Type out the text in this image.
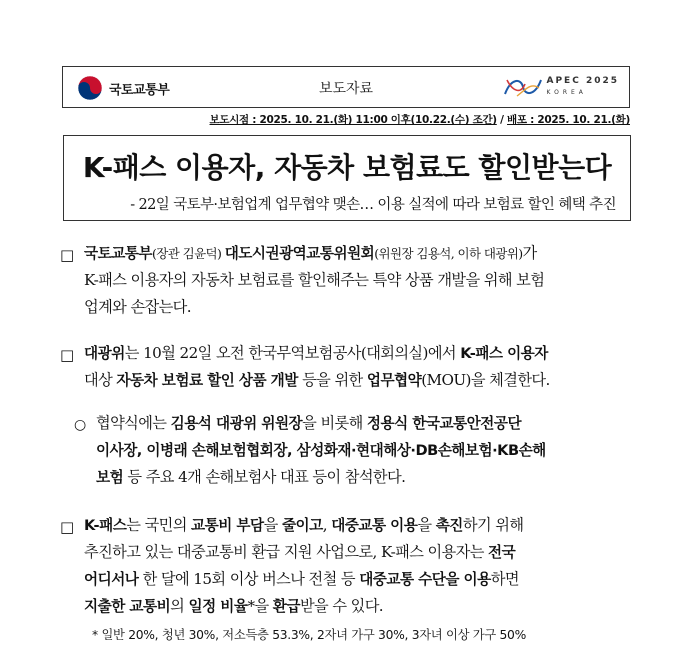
국토교통부	보도자료	APEC 2025
KOREA
보도시점 : 2025. 10. 21.(화) 11:00 이후(10.22.(수) 조간) / 배포 : 2025. 10. 21.(화)
K-패스 이용자, 자동차 보험료도 할인받는다
- 22일 국토부·보험업계 업무협약 맺손… 이용 실적에 따라 보험료 할인 혜택 추진
□ 국토교통부(장관 김윤덕) 대도시권광역교통위원회(위원장 김용석, 이하 대광위)가
K-패스 이용자의 자동차 보험료를 할인해주는 특약 상품 개발을 위해 보험
업계와 손잡는다.
□ 대광위는 10월 22일 오전 한국무역보험공사(대회의실)에서 K-패스 이용자
대상 자동차 보험료 할인 상품 개발 등을 위한 업무협약(MOU)을 체결한다.
○ 협약식에는 김용석 대광위 위원장을 비롯해 정용식 한국교통안전공단
이사장, 이병래 손해보험협회장, 삼성화재·현대해상·DB손해보험·KB손해
보험 등 주요 4개 손해보험사 대표 등이 참석한다.
□ K-패스는 국민의 교통비 부담을 줄이고, 대중교통 이용을 촉진하기 위해
추진하고 있는 대중교통비 환급 지원 사업으로, K-패스 이용자는 전국
어디서나 한 달에 15회 이상 버스나 전철 등 대중교통 수단을 이용하면
지출한 교통비의 일정 비율*을 환급받을 수 있다.
* 일반 20%, 청년 30%, 저소득층 53.3%, 2자녀 가구 30%, 3자녀 이상 가구 50%
